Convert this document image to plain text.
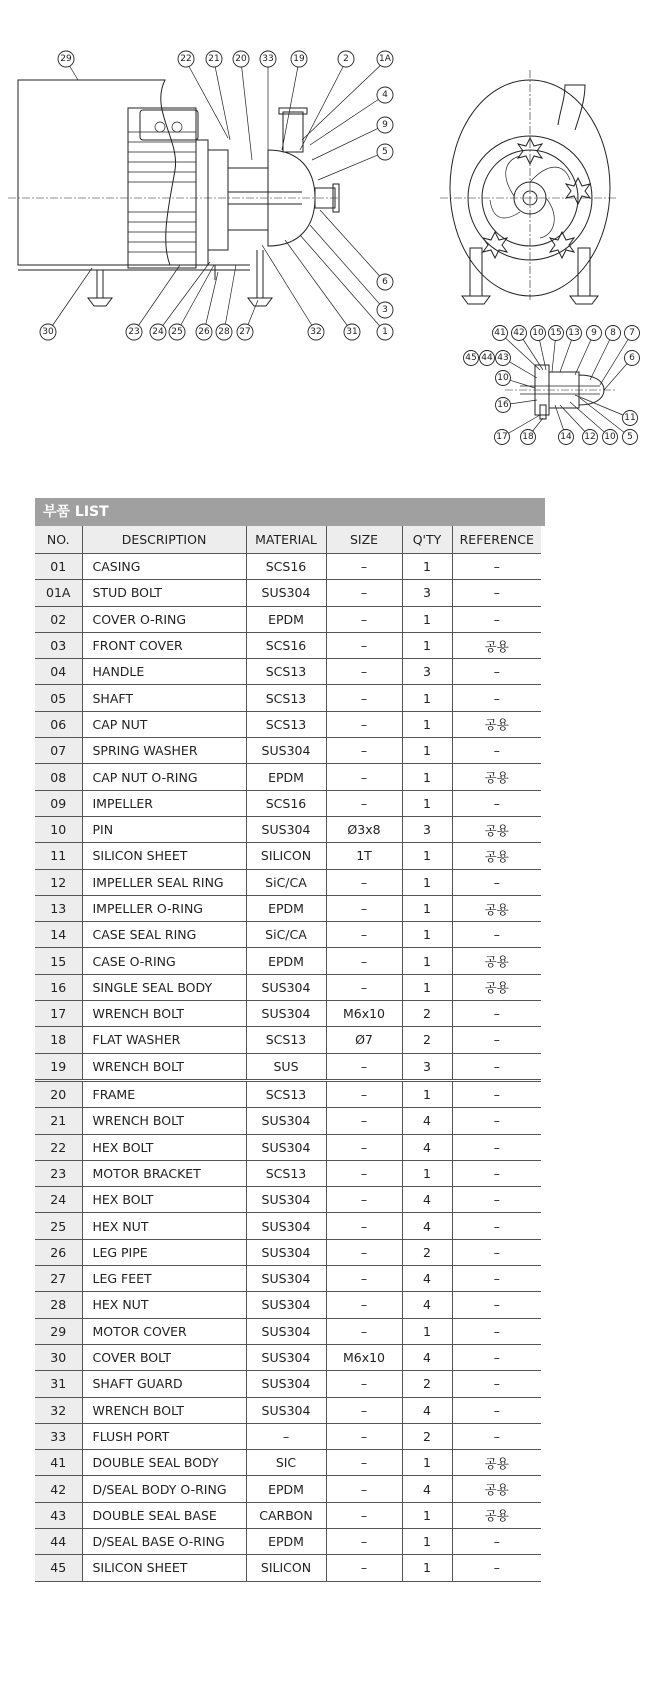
29	22 21 20 33 19	2	1A
4
9
5
6
3
1
31
32
27
28
26
25
24
23
30	41 42 10 15 13 9 8 7
6
45 44 43
10
16
11
5
10
12
14
18
17
부품 LIST
NO.	DESCRIPTION	MATERIAL	SIZE	Q'TY	REFERENCE
01	CASING	SCS16	–	1	–
01A	STUD BOLT	SUS304	–	3	–
02	COVER O-RING	EPDM	–	1	–
03	FRONT COVER	SCS16	–	1	공용
04	HANDLE	SCS13	–	3	–
05	SHAFT	SCS13	–	1	–
06	CAP NUT	SCS13	–	1	공용
07	SPRING WASHER	SUS304	–	1	–
08	CAP NUT O-RING	EPDM	–	1	공용
09	IMPELLER	SCS16	–	1	–
10	PIN	SUS304	Ø3x8	3	공용
11	SILICON SHEET	SILICON	1T	1	공용
12	IMPELLER SEAL RING	SiC/CA	–	1	–
13	IMPELLER O-RING	EPDM	–	1	공용
14	CASE SEAL RING	SiC/CA	–	1	–
15	CASE O-RING	EPDM	–	1	공용
16	SINGLE SEAL BODY	SUS304	–	1	공용
17	WRENCH BOLT	SUS304	M6x10	2	–
18	FLAT WASHER	SCS13	Ø7	2	–
19	WRENCH BOLT	SUS	–	3	–
20	FRAME	SCS13	–	1	–
21	WRENCH BOLT	SUS304	–	4	–
22	HEX BOLT	SUS304	–	4	–
23	MOTOR BRACKET	SCS13	–	1	–
24	HEX BOLT	SUS304	–	4	–
25	HEX NUT	SUS304	–	4	–
26	LEG PIPE	SUS304	–	2	–
27	LEG FEET	SUS304	–	4	–
28	HEX NUT	SUS304	–	4	–
29	MOTOR COVER	SUS304	–	1	–
30	COVER BOLT	SUS304	M6x10	4	–
31	SHAFT GUARD	SUS304	–	2	–
32	WRENCH BOLT	SUS304	–	4	–
33	FLUSH PORT	–	–	2	–
41	DOUBLE SEAL BODY	SIC	–	1	공용
42	D/SEAL BODY O-RING	EPDM	–	4	공용
43	DOUBLE SEAL BASE	CARBON	–	1	공용
44	D/SEAL BASE O-RING	EPDM	–	1	–
45	SILICON SHEET	SILICON	–	1	–
